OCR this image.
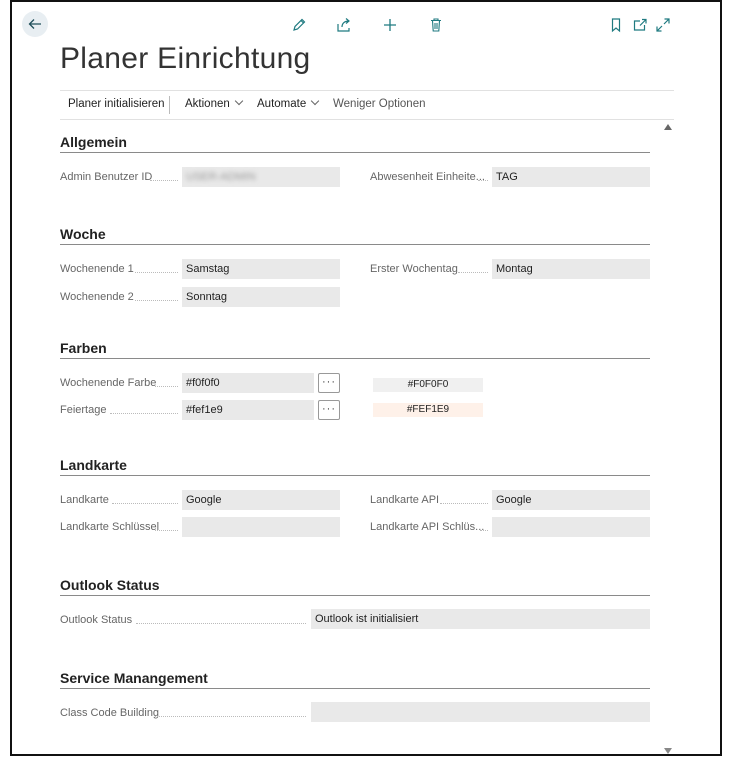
Planer Einrichtung
Planer initialisieren Aktionen	Automate	Weniger Optionen
Allgemein
Admin Benutzer ID	USER-ADMIN	Abwesenheit Einheite...	TAG
Woche
Wochenende 1	Samstag
Wochenende 2	Sonntag
Erster Wochentag	Montag
Farben
Wochenende Farbe	#f0f0f0	···	#F0F0F0
Feiertage	#fef1e9	···	#FEF1E9
Landkarte
Landkarte	Google
Landkarte Schlüssel
Landkarte API	Google
Landkarte API Schlüs...
Outlook Status
Outlook Status	Outlook ist initialisiert
Service Manangement
Class Code Building
